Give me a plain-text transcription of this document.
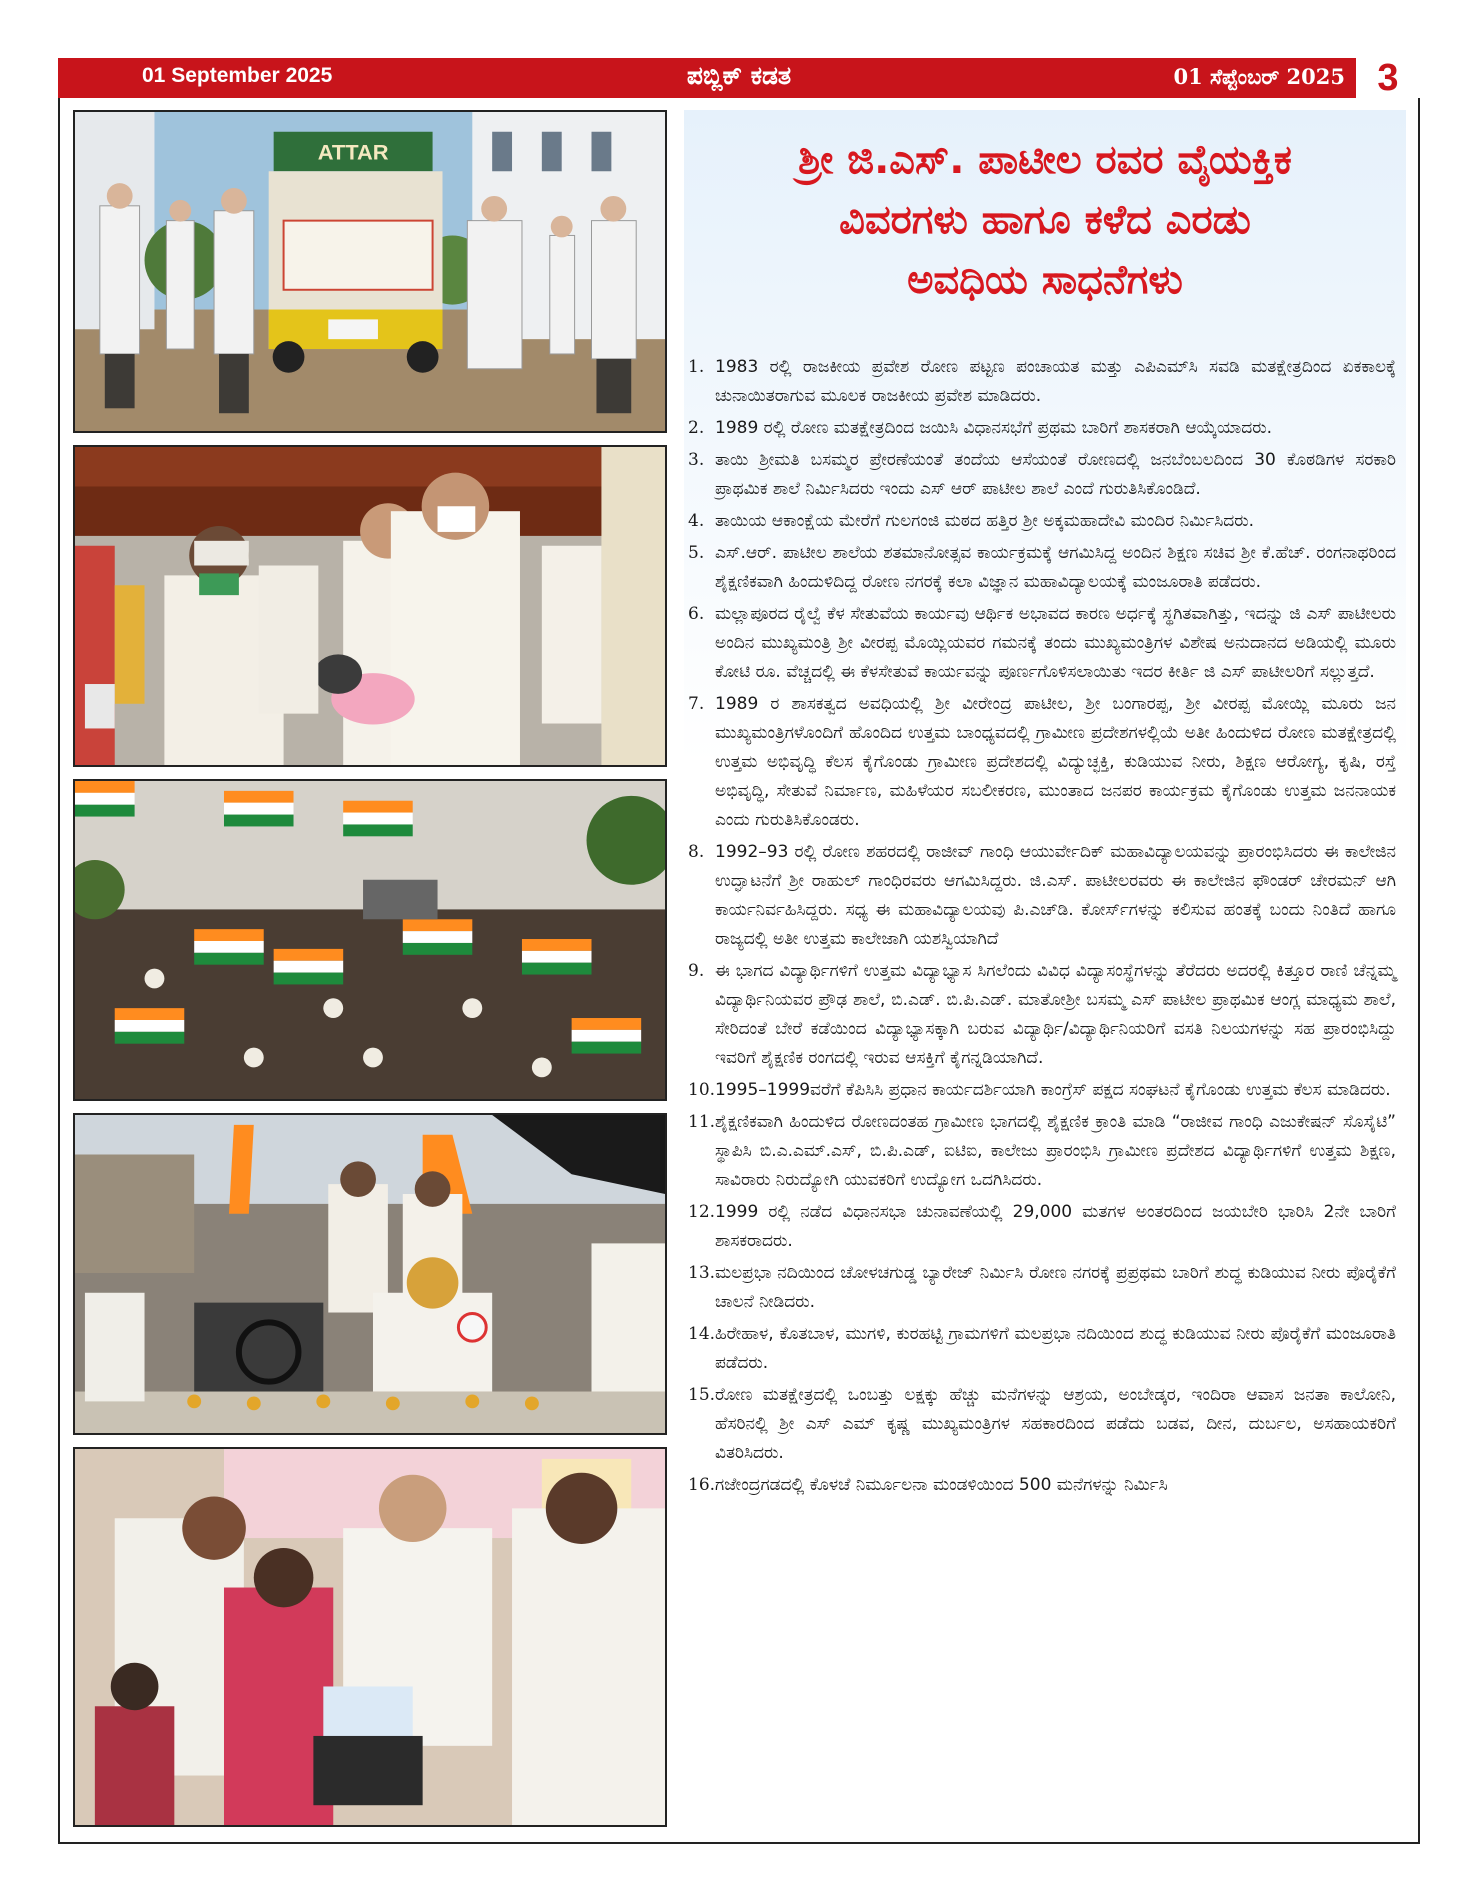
01 September 2025	ಪಬ್ಲಿಕ್ ಕಡತ	01 ಸೆಪ್ಟೆಂಬರ್ 2025 3
ATTAR	ಶ್ರೀ ಜಿ.ಎಸ್. ಪಾಟೀಲ ರವರ ವೈಯಕ್ತಿಕ
ವಿವರಗಳು ಹಾಗೂ ಕಳೆದ ಎರಡು
ಅವಧಿಯ ಸಾಧನೆಗಳು
1. 1983 ರಲ್ಲಿ ರಾಜಕೀಯ ಪ್ರವೇಶ ರೋಣ ಪಟ್ಟಣ ಪಂಚಾಯತ ಮತ್ತು ಎಪಿಎಮ್‌ಸಿ ಸವಡಿ ಮತಕ್ಷೇತ್ರದಿಂದ ಏಕಕಾಲಕ್ಕೆ ಚುನಾಯಿತರಾಗುವ ಮೂಲಕ ರಾಜಕೀಯ ಪ್ರವೇಶ ಮಾಡಿದರು.
2. 1989 ರಲ್ಲಿ ರೋಣ ಮತಕ್ಷೇತ್ರದಿಂದ ಜಯಿಸಿ ವಿಧಾನಸಭೆಗೆ ಪ್ರಥಮ ಬಾರಿಗೆ ಶಾಸಕರಾಗಿ ಆಯ್ಕೆಯಾದರು.
3. ತಾಯಿ ಶ್ರೀಮತಿ ಬಸಮ್ಮರ ಪ್ರೇರಣೆಯಂತೆ ತಂದೆಯ ಆಸೆಯಂತೆ ರೋಣದಲ್ಲಿ ಜನಬೆಂಬಲದಿಂದ 30 ಕೊಠಡಿಗಳ ಸರಕಾರಿ ಪ್ರಾಥಮಿಕ ಶಾಲೆ ನಿರ್ಮಿಸಿದರು ಇಂದು ಎಸ್ ಆರ್ ಪಾಟೀಲ ಶಾಲೆ ಎಂದೆ ಗುರುತಿಸಿಕೊಂಡಿದೆ.
4. ತಾಯಿಯ ಆಕಾಂಕ್ಷೆಯ ಮೇರೆಗೆ ಗುಲಗಂಜಿ ಮಠದ ಹತ್ತಿರ ಶ್ರೀ ಅಕ್ಕಮಹಾದೇವಿ ಮಂದಿರ ನಿರ್ಮಿಸಿದರು.
5. ಎಸ್.ಆರ್. ಪಾಟೀಲ ಶಾಲೆಯ ಶತಮಾನೋತ್ಸವ ಕಾರ್ಯಕ್ರಮಕ್ಕೆ ಆಗಮಿಸಿದ್ದ ಅಂದಿನ ಶಿಕ್ಷಣ ಸಚಿವ ಶ್ರೀ ಕೆ.ಹೆಚ್. ರಂಗನಾಥರಿಂದ ಶೈಕ್ಷಣಿಕವಾಗಿ ಹಿಂದುಳಿದಿದ್ದ ರೋಣ ನಗರಕ್ಕೆ ಕಲಾ ವಿಜ್ಞಾನ ಮಹಾವಿದ್ಯಾಲಯಕ್ಕೆ ಮಂಜೂರಾತಿ ಪಡೆದರು.
6. ಮಲ್ಲಾಪೂರದ ರೈಲ್ವೆ ಕೆಳ ಸೇತುವೆಯ ಕಾರ್ಯವು ಆರ್ಥಿಕ ಅಭಾವದ ಕಾರಣ ಅರ್ಧಕ್ಕೆ ಸ್ಥಗಿತವಾಗಿತ್ತು, ಇದನ್ನು ಜಿ ಎಸ್ ಪಾಟೀಲರು ಅಂದಿನ ಮುಖ್ಯಮಂತ್ರಿ ಶ್ರೀ ವೀರಪ್ಪ ಮೊಯ್ಲಿಯವರ ಗಮನಕ್ಕೆ ತಂದು ಮುಖ್ಯಮಂತ್ರಿಗಳ ವಿಶೇಷ ಅನುದಾನದ ಅಡಿಯಲ್ಲಿ ಮೂರು ಕೋಟಿ ರೂ. ವೆಚ್ಚದಲ್ಲಿ ಈ ಕೆಳಸೇತುವೆ ಕಾರ್ಯವನ್ನು ಪೂರ್ಣಗೊಳಿಸಲಾಯಿತು ಇದರ ಕೀರ್ತಿ ಜಿ ಎಸ್ ಪಾಟೀಲರಿಗೆ ಸಲ್ಲುತ್ತದೆ.
7. 1989 ರ ಶಾಸಕತ್ವದ ಅವಧಿಯಲ್ಲಿ ಶ್ರೀ ವೀರೇಂದ್ರ ಪಾಟೀಲ, ಶ್ರೀ ಬಂಗಾರಪ್ಪ, ಶ್ರೀ ವೀರಪ್ಪ ಮೋಯ್ಲಿ ಮೂರು ಜನ ಮುಖ್ಯಮಂತ್ರಿಗಳೊಂದಿಗೆ ಹೊಂದಿದ ಉತ್ತಮ ಬಾಂಧ್ಯವದಲ್ಲಿ ಗ್ರಾಮೀಣ ಪ್ರದೇಶಗಳಲ್ಲಿಯೆ ಅತೀ ಹಿಂದುಳಿದ ರೋಣ ಮತಕ್ಷೇತ್ರದಲ್ಲಿ ಉತ್ತಮ ಅಭಿವೃದ್ಧಿ ಕೆಲಸ ಕೈಗೊಂಡು ಗ್ರಾಮೀಣ ಪ್ರದೇಶದಲ್ಲಿ ವಿದ್ಯುಚ್ಛಕ್ತಿ, ಕುಡಿಯುವ ನೀರು, ಶಿಕ್ಷಣ ಆರೋಗ್ಯ, ಕೃಷಿ, ರಸ್ತೆ ಅಭಿವೃದ್ಧಿ, ಸೇತುವೆ ನಿರ್ಮಾಣ, ಮಹಿಳೆಯರ ಸಬಲೀಕರಣ, ಮುಂತಾದ ಜನಪರ ಕಾರ್ಯಕ್ರಮ ಕೈಗೊಂಡು ಉತ್ತಮ ಜನನಾಯಕ ಎಂದು ಗುರುತಿಸಿಕೊಂಡರು.
8. 1992–93 ರಲ್ಲಿ ರೋಣ ಶಹರದಲ್ಲಿ ರಾಜೀವ್ ಗಾಂಧಿ ಆಯುರ್ವೇದಿಕ್ ಮಹಾವಿದ್ಯಾಲಯವನ್ನು ಪ್ರಾರಂಭಿಸಿದರು ಈ ಕಾಲೇಜಿನ ಉದ್ಘಾಟನೆಗೆ ಶ್ರೀ ರಾಹುಲ್ ಗಾಂಧಿರವರು ಆಗಮಿಸಿದ್ದರು. ಜಿ.ಎಸ್. ಪಾಟೀಲರವರು ಈ ಕಾಲೇಜಿನ ಫೌಂಡರ್ ಚೇರಮನ್ ಆಗಿ ಕಾರ್ಯನಿರ್ವಹಿಸಿದ್ದರು. ಸಧ್ಯ ಈ ಮಹಾವಿದ್ಯಾಲಯವು ಪಿ.ಎಚ್‌ಡಿ. ಕೋರ್ಸ್‌ಗಳನ್ನು ಕಲಿಸುವ ಹಂತಕ್ಕೆ ಬಂದು ನಿಂತಿದೆ ಹಾಗೂ ರಾಜ್ಯದಲ್ಲಿ ಅತೀ ಉತ್ತಮ ಕಾಲೇಜಾಗಿ ಯಶಸ್ವಿಯಾಗಿದೆ
9. ಈ ಭಾಗದ ವಿದ್ಯಾರ್ಥಿಗಳಿಗೆ ಉತ್ತಮ ವಿದ್ಯಾಭ್ಯಾಸ ಸಿಗಲೆಂದು ವಿವಿಧ ವಿದ್ಯಾಸಂಸ್ಥೆಗಳನ್ನು ತೆರೆದರು ಅದರಲ್ಲಿ ಕಿತ್ತೂರ ರಾಣಿ ಚೆನ್ನಮ್ಮ ವಿದ್ಯಾರ್ಥಿನಿಯವರ ಪ್ರೌಢ ಶಾಲೆ, ಬಿ.ಎಡ್. ಬಿ.ಪಿ.ಎಡ್. ಮಾತೋಶ್ರೀ ಬಸಮ್ಮ ಎಸ್ ಪಾಟೀಲ ಪ್ರಾಥಮಿಕ ಆಂಗ್ಲ ಮಾಧ್ಯಮ ಶಾಲೆ, ಸೇರಿದಂತೆ ಬೇರೆ ಕಡೆಯಿಂದ ವಿದ್ಯಾಭ್ಯಾಸಕ್ಕಾಗಿ ಬರುವ ವಿದ್ಯಾರ್ಥಿ/ವಿದ್ಯಾರ್ಥಿನಿಯರಿಗೆ ವಸತಿ ನಿಲಯಗಳನ್ನು ಸಹ ಪ್ರಾರಂಭಿಸಿದ್ದು ಇವರಿಗೆ ಶೈಕ್ಷಣಿಕ ರಂಗದಲ್ಲಿ ಇರುವ ಆಸಕ್ತಿಗೆ ಕೈಗನ್ನಡಿಯಾಗಿದೆ.
10. 1995–1999ವರೆಗೆ ಕೆಪಿಸಿಸಿ ಪ್ರಧಾನ ಕಾರ್ಯದರ್ಶಿಯಾಗಿ ಕಾಂಗ್ರೆಸ್ ಪಕ್ಷದ ಸಂಘಟನೆ ಕೈಗೊಂಡು ಉತ್ತಮ ಕೆಲಸ ಮಾಡಿದರು.
11. ಶೈಕ್ಷಣಿಕವಾಗಿ ಹಿಂದುಳಿದ ರೋಣದಂತಹ ಗ್ರಾಮೀಣ ಭಾಗದಲ್ಲಿ ಶೈಕ್ಷಣಿಕ ಕ್ರಾಂತಿ ಮಾಡಿ “ರಾಜೀವ ಗಾಂಧಿ ಎಜುಕೇಷನ್ ಸೊಸೈಟಿ” ಸ್ಥಾಪಿಸಿ ಬಿ.ಎ.ಎಮ್.ಎಸ್, ಬಿ.ಪಿ.ಎಡ್, ಐಟಿಐ, ಕಾಲೇಜು ಪ್ರಾರಂಭಿಸಿ ಗ್ರಾಮೀಣ ಪ್ರದೇಶದ ವಿದ್ಯಾರ್ಥಿಗಳಿಗೆ ಉತ್ತಮ ಶಿಕ್ಷಣ, ಸಾವಿರಾರು ನಿರುದ್ಯೋಗಿ ಯುವಕರಿಗೆ ಉದ್ಯೋಗ ಒದಗಿಸಿದರು.
12. 1999 ರಲ್ಲಿ ನಡೆದ ವಿಧಾನಸಭಾ ಚುನಾವಣೆಯಲ್ಲಿ 29,000 ಮತಗಳ ಅಂತರದಿಂದ ಜಯಬೇರಿ ಭಾರಿಸಿ 2ನೇ ಬಾರಿಗೆ ಶಾಸಕರಾದರು.
13. ಮಲಪ್ರಭಾ ನದಿಯಿಂದ ಚೋಳಚಗುಡ್ಡ ಬ್ಯಾರೇಜ್ ನಿರ್ಮಿಸಿ ರೋಣ ನಗರಕ್ಕೆ ಪ್ರಪ್ರಥಮ ಬಾರಿಗೆ ಶುದ್ಧ ಕುಡಿಯುವ ನೀರು ಪೊರೈಕೆಗೆ ಚಾಲನೆ ನೀಡಿದರು.
14. ಹಿರೇಹಾಳ, ಕೊತಬಾಳ, ಮುಗಳಿ, ಕುರಹಟ್ಟಿ ಗ್ರಾಮಗಳಿಗೆ ಮಲಪ್ರಭಾ ನದಿಯಿಂದ ಶುದ್ಧ ಕುಡಿಯುವ ನೀರು ಪೊರೈಕೆಗೆ ಮಂಜೂರಾತಿ ಪಡೆದರು.
15. ರೋಣ ಮತಕ್ಷೇತ್ರದಲ್ಲಿ ಒಂಬತ್ತು ಲಕ್ಷಕ್ಕು ಹೆಚ್ಚು ಮನೆಗಳನ್ನು ಆಶ್ರಯ, ಅಂಬೇಡ್ಕರ, ಇಂದಿರಾ ಆವಾಸ ಜನತಾ ಕಾಲೋನಿ, ಹೆಸರಿನಲ್ಲಿ ಶ್ರೀ ಎಸ್ ಎಮ್ ಕೃಷ್ಣ ಮುಖ್ಯಮಂತ್ರಿಗಳ ಸಹಕಾರದಿಂದ ಪಡೆದು ಬಡವ, ದೀನ, ದುರ್ಬಲ, ಅಸಹಾಯಕರಿಗೆ ವಿತರಿಸಿದರು.
16. ಗಜೇಂದ್ರಗಡದಲ್ಲಿ ಕೊಳಚೆ ನಿರ್ಮೂಲನಾ ಮಂಡಳಿಯಿಂದ 500 ಮನೆಗಳನ್ನು ನಿರ್ಮಿಸಿ
